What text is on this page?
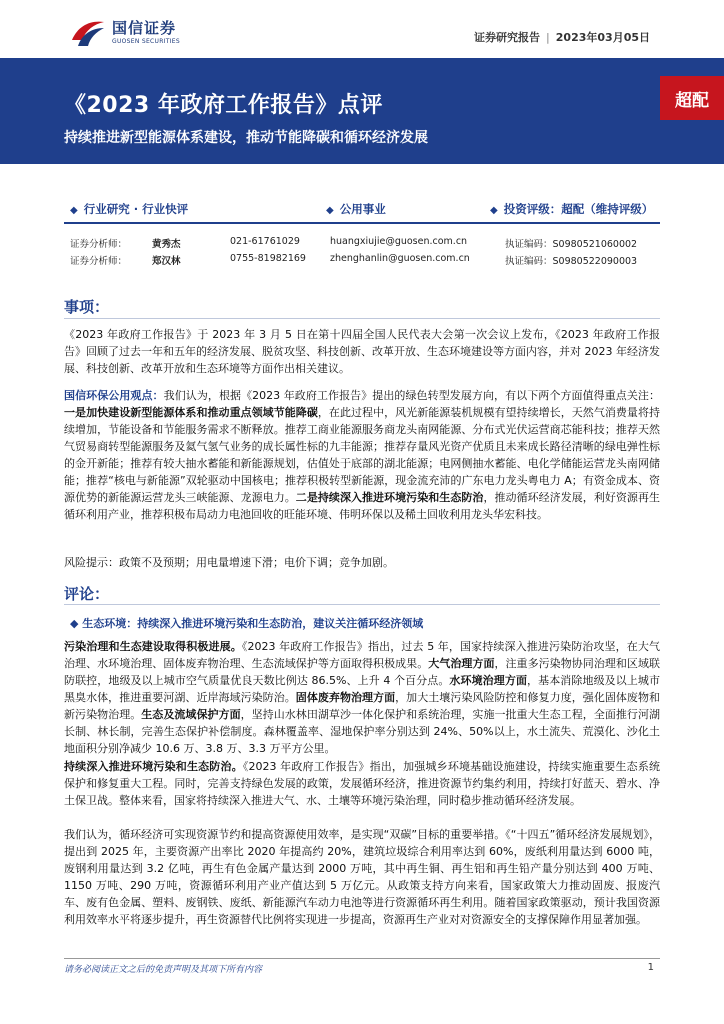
国信证券
GUOSEN SECURITIES	证券研究报告 | 2023年03月05日
《2023 年政府工作报告》点评
持续推进新型能源体系建设，推动节能降碳和循环经济发展
超配
◆ 行业研究 · 行业快评	◆ 公用事业	◆ 投资评级：超配（维持评级）
证券分析师：	黄秀杰	021-61761029	huangxiujie@guosen.com.cn	执证编码：S0980521060002
证券分析师：	郑汉林	0755-81982169	zhenghanlin@guosen.com.cn	执证编码：S0980522090003
事项：
《2023 年政府工作报告》于 2023 年 3 月 5 日在第十四届全国人民代表大会第一次会议上发布，《2023 年政府工作报告》回顾了过去一年和五年的经济发展、脱贫攻坚、科技创新、改革开放、生态环境建设等方面内容，并对 2023 年经济发展、科技创新、改革开放和生态环境等方面作出相关建议。
国信环保公用观点：我们认为，根据《2023 年政府工作报告》提出的绿色转型发展方向，有以下两个方面值得重点关注：一是加快建设新型能源体系和推动重点领域节能降碳，在此过程中，风光新能源装机规模有望持续增长，天然气消费量将持续增加，节能设备和节能服务需求不断释放。推荐工商业能源服务商龙头南网能源、分布式光伏运营商芯能科技；推荐天然气贸易商转型能源服务及氦气氢气业务的成长属性标的九丰能源；推荐存量风光资产优质且未来成长路径清晰的绿电弹性标的金开新能；推荐有较大抽水蓄能和新能源规划，估值处于底部的湖北能源；电网侧抽水蓄能、电化学储能运营龙头南网储能；推荐“核电与新能源”双轮驱动中国核电；推荐积极转型新能源，现金流充沛的广东电力龙头粤电力 A；有资金成本、资源优势的新能源运营龙头三峡能源、龙源电力。二是持续深入推进环境污染和生态防治，推动循环经济发展，利好资源再生循环利用产业，推荐积极布局动力电池回收的旺能环境、伟明环保以及稀土回收利用龙头华宏科技。
风险提示：政策不及预期；用电量增速下滑；电价下调；竞争加剧。
评论：
◆ 生态环境：持续深入推进环境污染和生态防治，建议关注循环经济领域
污染治理和生态建设取得积极进展。《2023 年政府工作报告》指出，过去 5 年，国家持续深入推进污染防治攻坚，在大气治理、水环境治理、固体废弃物治理、生态流域保护等方面取得积极成果。大气治理方面，注重多污染物协同治理和区域联防联控，地级及以上城市空气质量优良天数比例达 86.5%、上升 4 个百分点。水环境治理方面，基本消除地级及以上城市黑臭水体，推进重要河湖、近岸海域污染防治。固体废弃物治理方面，加大土壤污染风险防控和修复力度，强化固体废物和新污染物治理。生态及流域保护方面，坚持山水林田湖草沙一体化保护和系统治理，实施一批重大生态工程，全面推行河湖长制、林长制，完善生态保护补偿制度。森林覆盖率、湿地保护率分别达到 24%、50%以上，水土流失、荒漠化、沙化土地面积分别净减少 10.6 万、3.8 万、3.3 万平方公里。
持续深入推进环境污染和生态防治。《2023 年政府工作报告》指出，加强城乡环境基础设施建设，持续实施重要生态系统保护和修复重大工程。同时，完善支持绿色发展的政策，发展循环经济，推进资源节约集约利用，持续打好蓝天、碧水、净土保卫战。整体来看，国家将持续深入推进大气、水、土壤等环境污染治理，同时稳步推动循环经济发展。
我们认为，循环经济可实现资源节约和提高资源使用效率，是实现“双碳”目标的重要举措。《“十四五”循环经济发展规划》，提出到 2025 年，主要资源产出率比 2020 年提高约 20%，建筑垃圾综合利用率达到 60%，废纸利用量达到 6000 吨，废钢利用量达到 3.2 亿吨，再生有色金属产量达到 2000 万吨，其中再生铜、再生铝和再生铅产量分别达到 400 万吨、1150 万吨、290 万吨，资源循环利用产业产值达到 5 万亿元。从政策支持方向来看，国家政策大力推动固废、报废汽车、废有色金属、塑料、废钢铁、废纸、新能源汽车动力电池等进行资源循环再生利用。随着国家政策驱动，预计我国资源利用效率水平将逐步提升，再生资源替代比例将实现进一步提高，资源再生产业对对资源安全的支撑保障作用显著加强。
请务必阅读正文之后的免责声明及其项下所有内容	1
